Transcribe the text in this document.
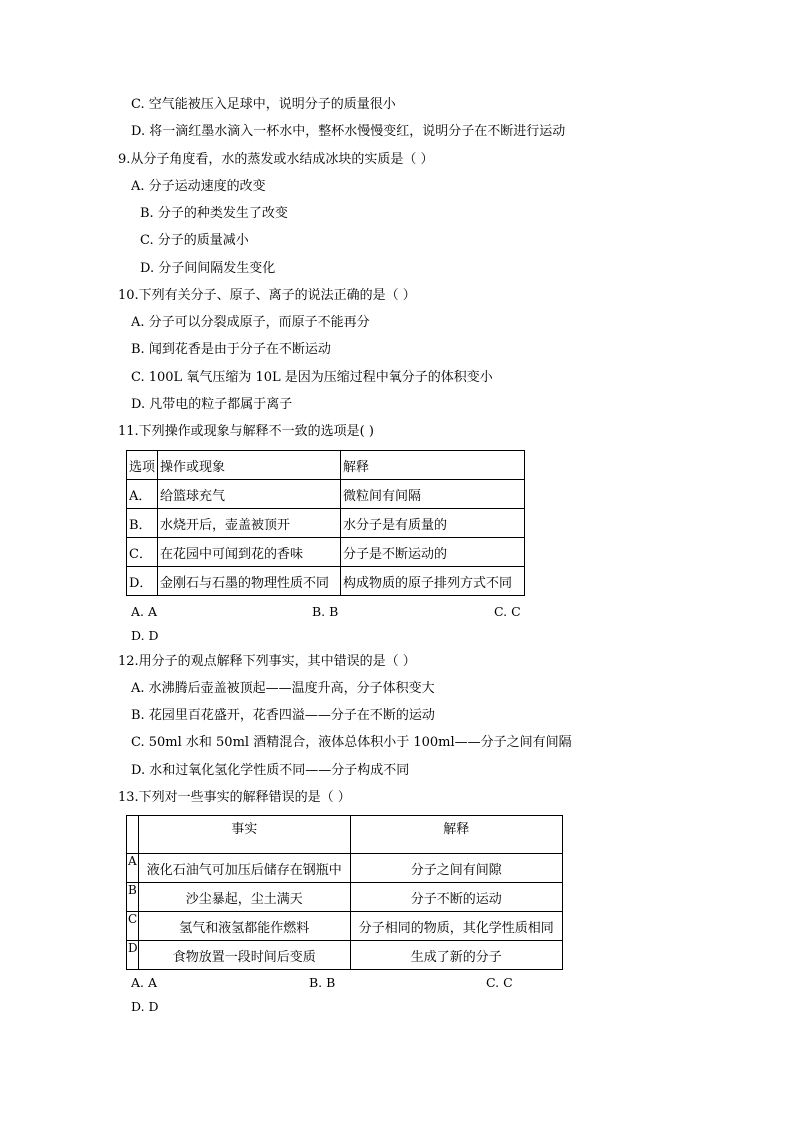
C. 空气能被压入足球中，说明分子的质量很小
D. 将一滴红墨水滴入一杯水中，整杯水慢慢变红，说明分子在不断进行运动
9.从分子角度看，水的蒸发或水结成冰块的实质是（ ）
A. 分子运动速度的改变
B. 分子的种类发生了改变
C. 分子的质量减小
D. 分子间间隔发生变化
10.下列有关分子、原子、离子的说法正确的是（ ）
A. 分子可以分裂成原子，而原子不能再分
B. 闻到花香是由于分子在不断运动
C. 100L 氧气压缩为 10L 是因为压缩过程中氧分子的体积变小
D. 凡带电的粒子都属于离子
11.下列操作或现象与解释不一致的选项是( )
选项	操作或现象	解释
A．	给篮球充气	微粒间有间隔
B．	水烧开后，壶盖被顶开	水分子是有质量的
C．	在花园中可闻到花的香味	分子是不断运动的
D．	金刚石与石墨的物理性质不同	构成物质的原子排列方式不同
A. A	B. B	C. C
D. D
12.用分子的观点解释下列事实，其中错误的是（ ）
A. 水沸腾后壶盖被顶起——温度升高，分子体积变大
B. 花园里百花盛开，花香四溢——分子在不断的运动
C. 50ml 水和 50ml 酒精混合，液体总体积小于 100ml——分子之间有间隔
D. 水和过氧化氢化学性质不同——分子构成不同
13.下列对一些事实的解释错误的是（ ）
	事实	解释
A	液化石油气可加压后储存在钢瓶中	分子之间有间隙
B	沙尘暴起，尘土满天	分子不断的运动
C	氢气和液氢都能作燃料	分子相同的物质，其化学性质相同
D	食物放置一段时间后变质	生成了新的分子
A. A	B. B	C. C
D. D
